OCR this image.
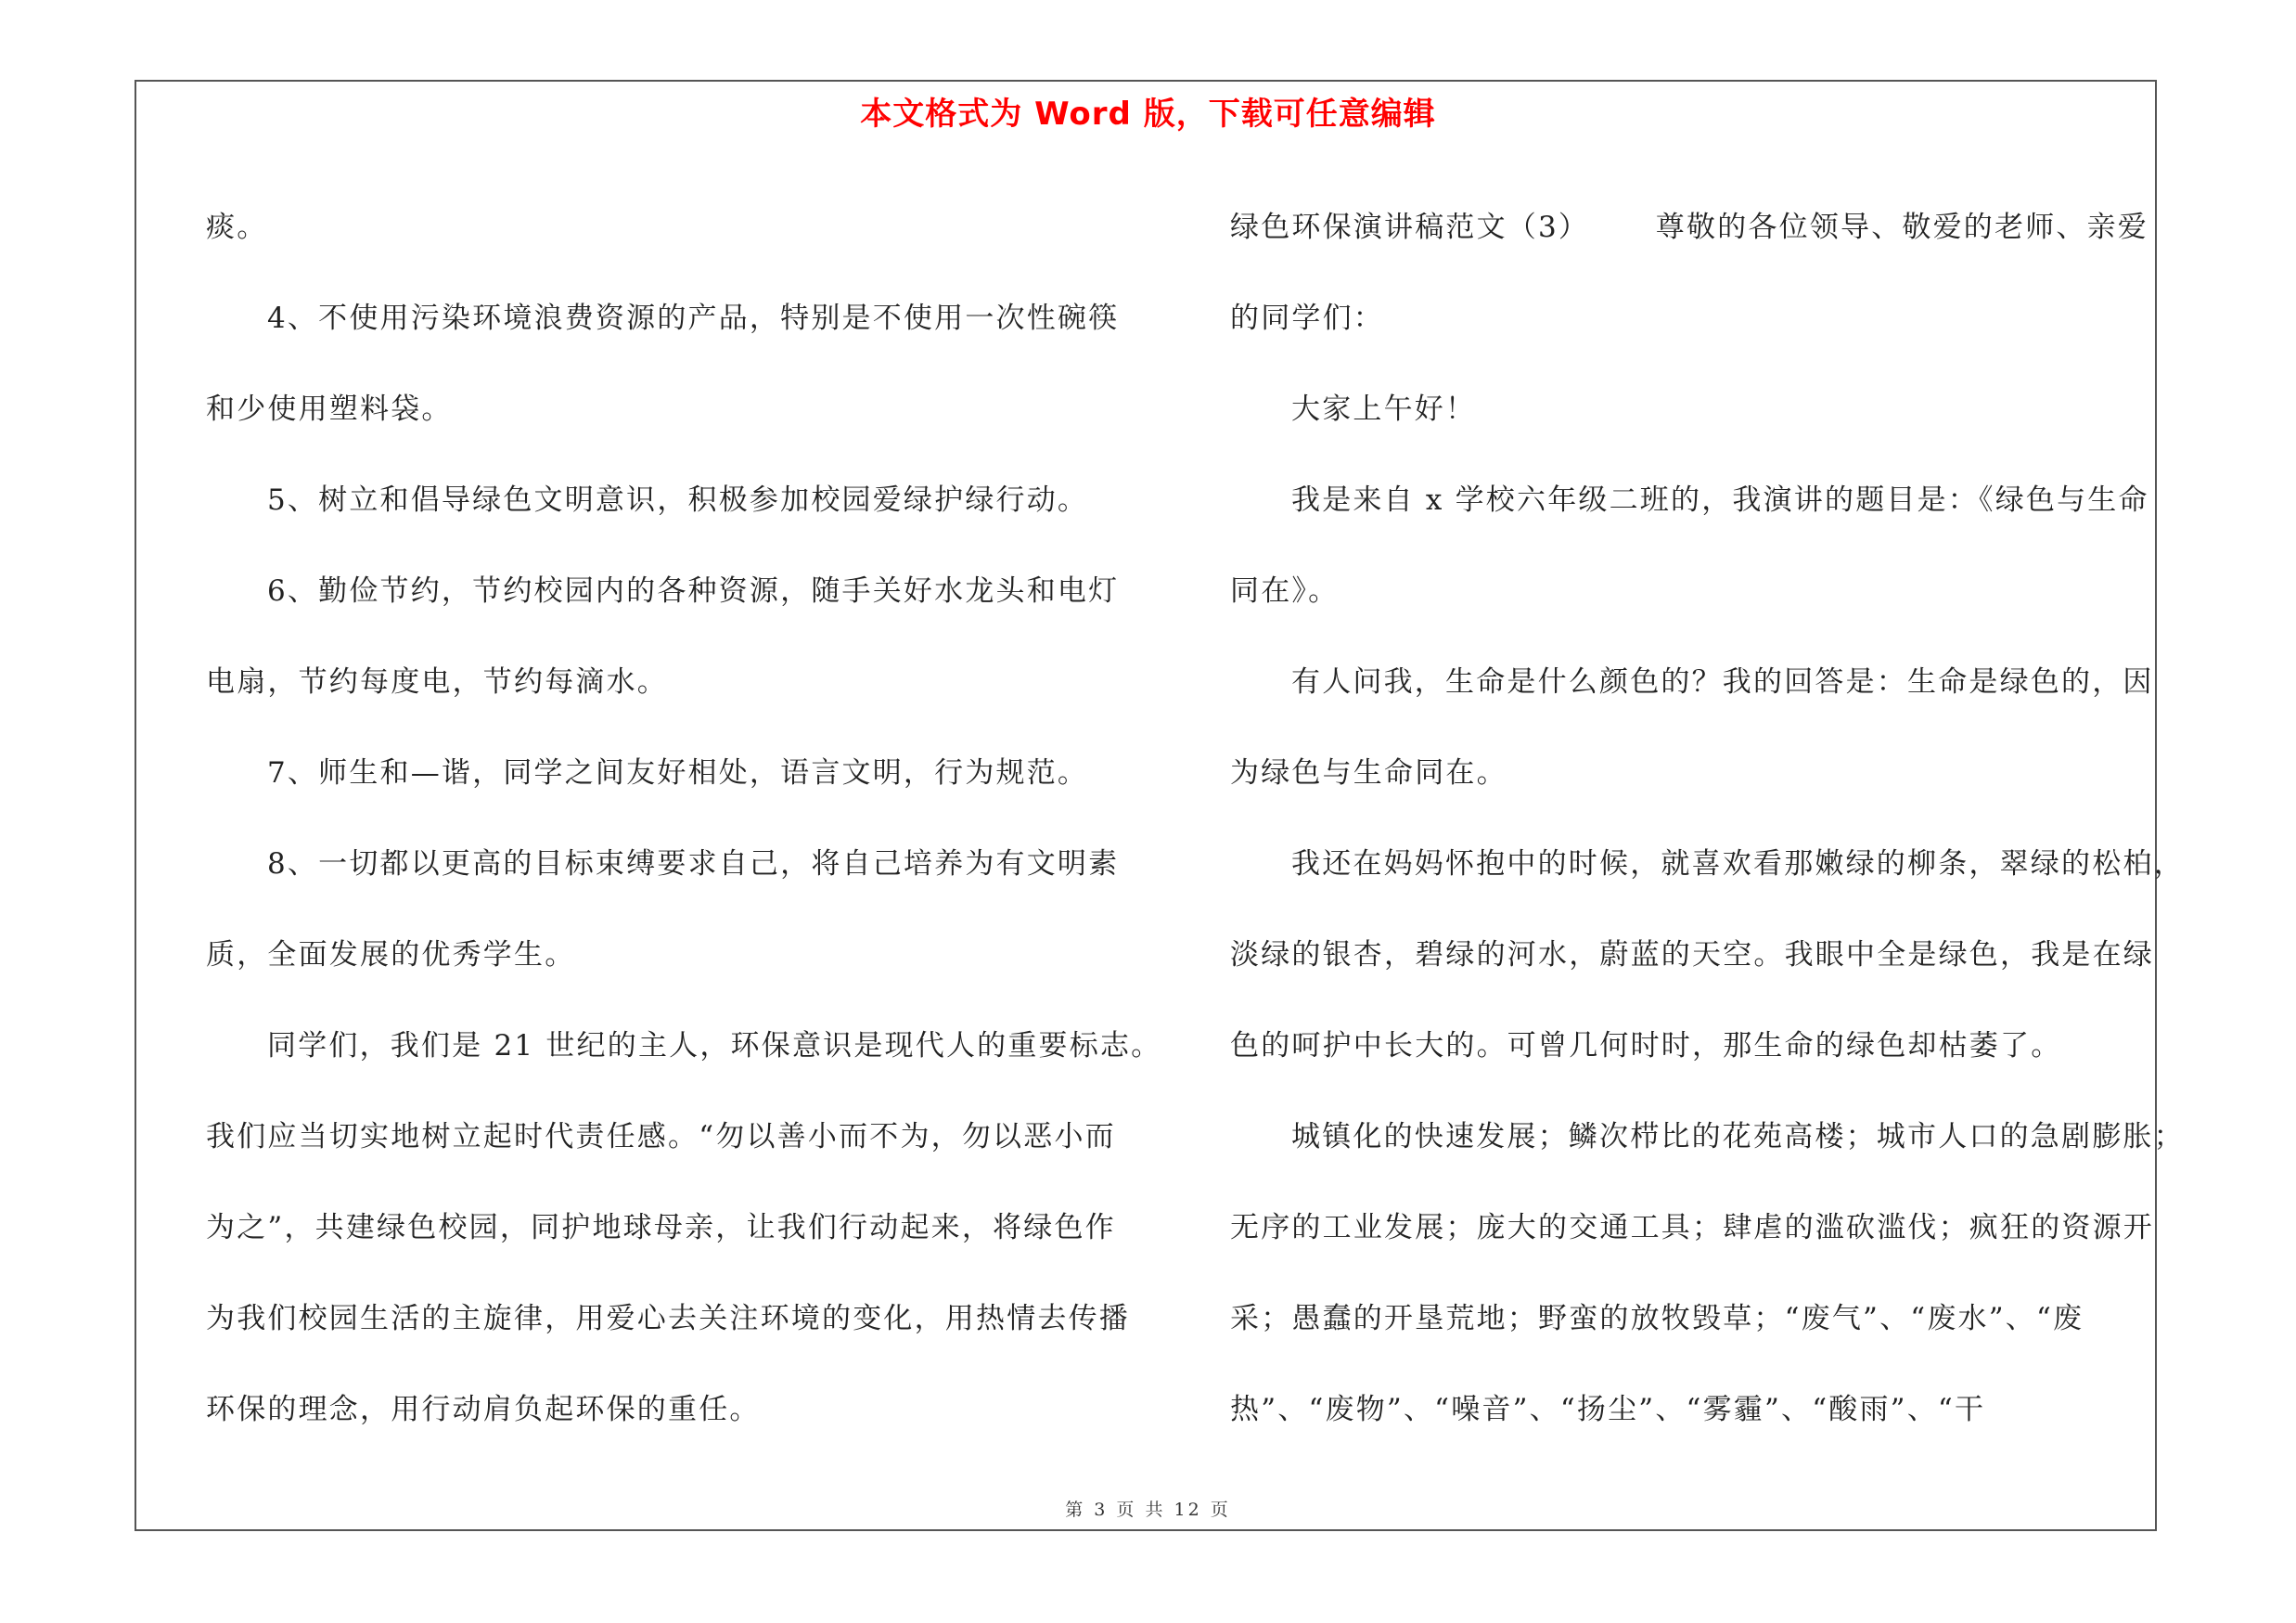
本文格式为 Word 版，下载可任意编辑
痰。
4、不使用污染环境浪费资源的产品，特别是不使用一次性碗筷
和少使用塑料袋。
5、树立和倡导绿色文明意识，积极参加校园爱绿护绿行动。
6、勤俭节约，节约校园内的各种资源，随手关好水龙头和电灯
电扇，节约每度电，节约每滴水。
7、师生和—谐，同学之间友好相处，语言文明，行为规范。
8、一切都以更高的目标束缚要求自己，将自己培养为有文明素
质，全面发展的优秀学生。
同学们，我们是 21 世纪的主人，环保意识是现代人的重要标志。
我们应当切实地树立起时代责任感。“勿以善小而不为，勿以恶小而
为之”，共建绿色校园，同护地球母亲，让我们行动起来，将绿色作
为我们校园生活的主旋律，用爱心去关注环境的变化，用热情去传播
环保的理念，用行动肩负起环保的重任。
绿色环保演讲稿范文（3） 尊敬的各位领导、敬爱的老师、亲爱
的同学们：
大家上午好！
我是来自 x 学校六年级二班的，我演讲的题目是：《绿色与生命
同在》。
有人问我，生命是什么颜色的？我的回答是：生命是绿色的，因
为绿色与生命同在。
我还在妈妈怀抱中的时候，就喜欢看那嫩绿的柳条，翠绿的松柏，
淡绿的银杏，碧绿的河水，蔚蓝的天空。我眼中全是绿色，我是在绿
色的呵护中长大的。可曾几何时时，那生命的绿色却枯萎了。
城镇化的快速发展；鳞次栉比的花苑高楼；城市人口的急剧膨胀；
无序的工业发展；庞大的交通工具；肆虐的滥砍滥伐；疯狂的资源开
采；愚蠢的开垦荒地；野蛮的放牧毁草；“废气”、“废水”、“废
热”、“废物”、“噪音”、“扬尘”、“雾霾”、“酸雨”、“干
第 3 页 共 12 页
